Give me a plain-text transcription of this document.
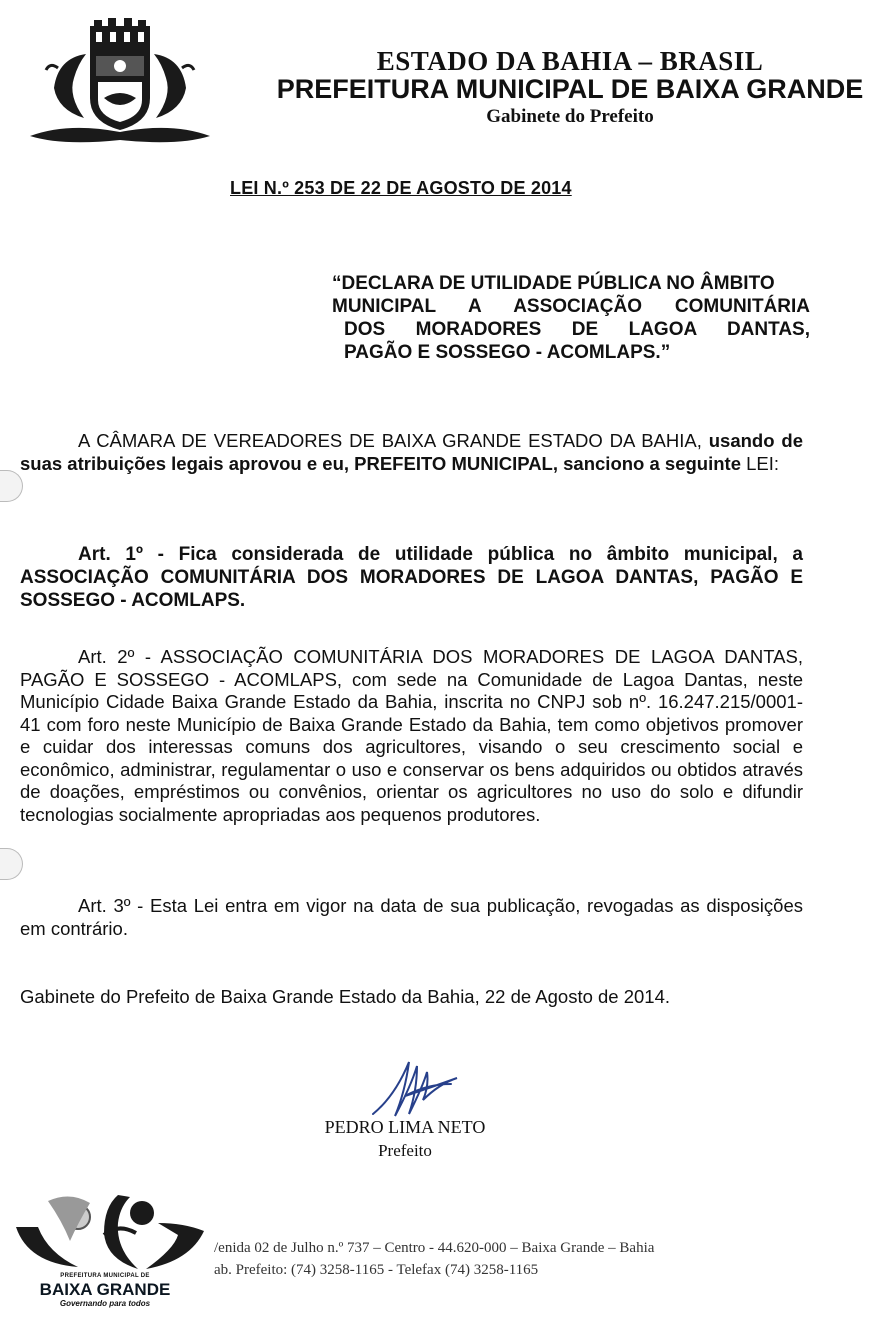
ESTADO DA BAHIA – BRASIL
PREFEITURA MUNICIPAL DE BAIXA GRANDE
Gabinete do Prefeito
LEI N.º 253 DE 22 DE AGOSTO DE 2014
“DECLARA DE UTILIDADE PÚBLICA NO ÂMBITO
MUNICIPAL A ASSOCIAÇÃO COMUNITÁRIA
DOS MORADORES DE LAGOA DANTAS,
PAGÃO E SOSSEGO - ACOMLAPS.”
A CÂMARA DE VEREADORES DE BAIXA GRANDE ESTADO DA BAHIA, usando de suas atribuições legais aprovou e eu, PREFEITO MUNICIPAL, sanciono a seguinte LEI:
Art. 1º - Fica considerada de utilidade pública no âmbito municipal, a ASSOCIAÇÃO COMUNITÁRIA DOS MORADORES DE LAGOA DANTAS, PAGÃO E SOSSEGO - ACOMLAPS.
Art. 2º - ASSOCIAÇÃO COMUNITÁRIA DOS MORADORES DE LAGOA DANTAS, PAGÃO E SOSSEGO - ACOMLAPS, com sede na Comunidade de Lagoa Dantas, neste Município Cidade Baixa Grande Estado da Bahia, inscrita no CNPJ sob nº. 16.247.215/0001-41 com foro neste Município de Baixa Grande Estado da Bahia, tem como objetivos promover e cuidar dos interessas comuns dos agricultores, visando o seu crescimento social e econômico, administrar, regulamentar o uso e conservar os bens adquiridos ou obtidos através de doações, empréstimos ou convênios, orientar os agricultores no uso do solo e difundir tecnologias socialmente apropriadas aos pequenos produtores.
Art. 3º - Esta Lei entra em vigor na data de sua publicação, revogadas as disposições em contrário.
Gabinete do Prefeito de Baixa Grande Estado da Bahia, 22 de Agosto de 2014.
PEDRO LIMA NETO
Prefeito
PREFEITURA MUNICIPAL DE
BAIXA GRANDE
Governando para todos
/enida 02 de Julho n.º 737 – Centro - 44.620-000 – Baixa Grande – Bahia
ab. Prefeito: (74) 3258-1165 - Telefax (74) 3258-1165
